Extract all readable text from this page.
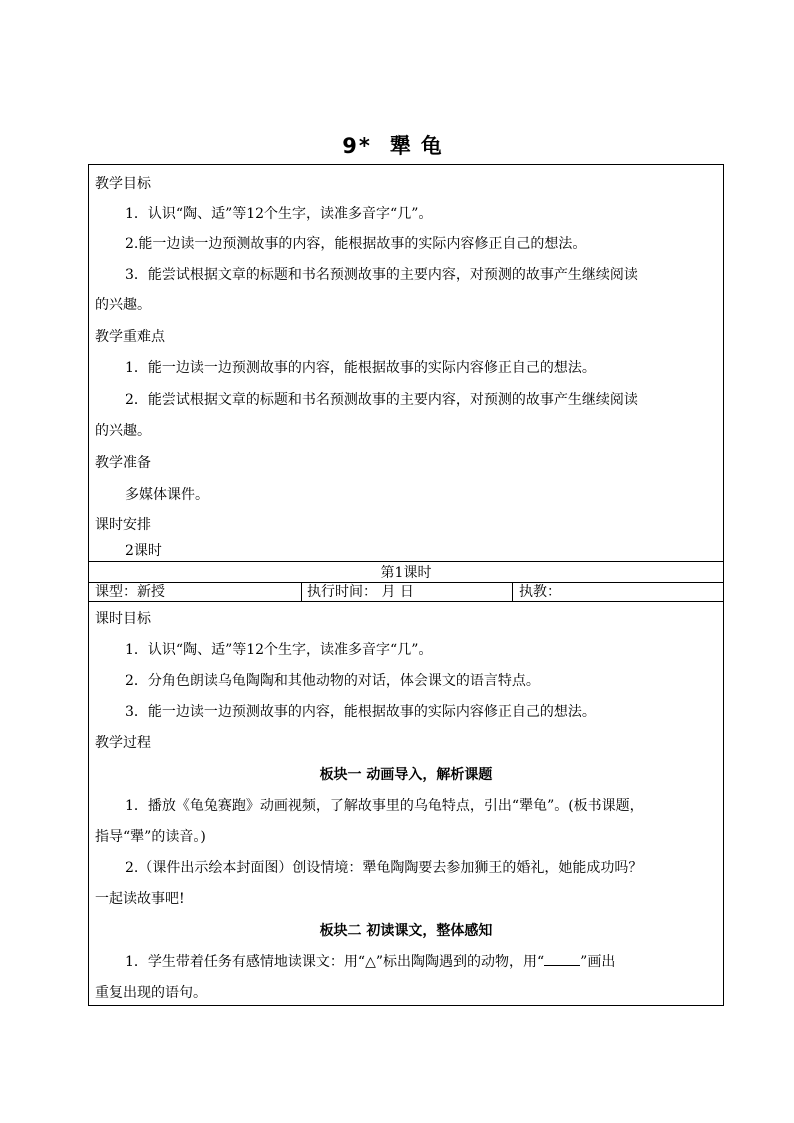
9* 犟龟
教学目标
1．认识“陶、适”等12个生字，读准多音字“几”。
2.能一边读一边预测故事的内容，能根据故事的实际内容修正自己的想法。
3．能尝试根据文章的标题和书名预测故事的主要内容，对预测的故事产生继续阅读
的兴趣。
教学重难点
1．能一边读一边预测故事的内容，能根据故事的实际内容修正自己的想法。
2．能尝试根据文章的标题和书名预测故事的主要内容，对预测的故事产生继续阅读
的兴趣。
教学准备
多媒体课件。
课时安排
2课时
第1课时
课型：新授	执行时间： 月 日	执教：
课时目标
1．认识“陶、适”等12个生字，读准多音字“几”。
2．分角色朗读乌龟陶陶和其他动物的对话，体会课文的语言特点。
3．能一边读一边预测故事的内容，能根据故事的实际内容修正自己的想法。
教学过程
板块一 动画导入，解析课题
1．播放《龟兔赛跑》动画视频，了解故事里的乌龟特点，引出“犟龟”。(板书课题，
指导“犟”的读音。)
2.（课件出示绘本封面图）创设情境：犟龟陶陶要去参加狮王的婚礼，她能成功吗？
一起读故事吧!
板块二 初读课文，整体感知
1．学生带着任务有感情地读课文：用“△”标出陶陶遇到的动物，用“	”画出
重复出现的语句。
